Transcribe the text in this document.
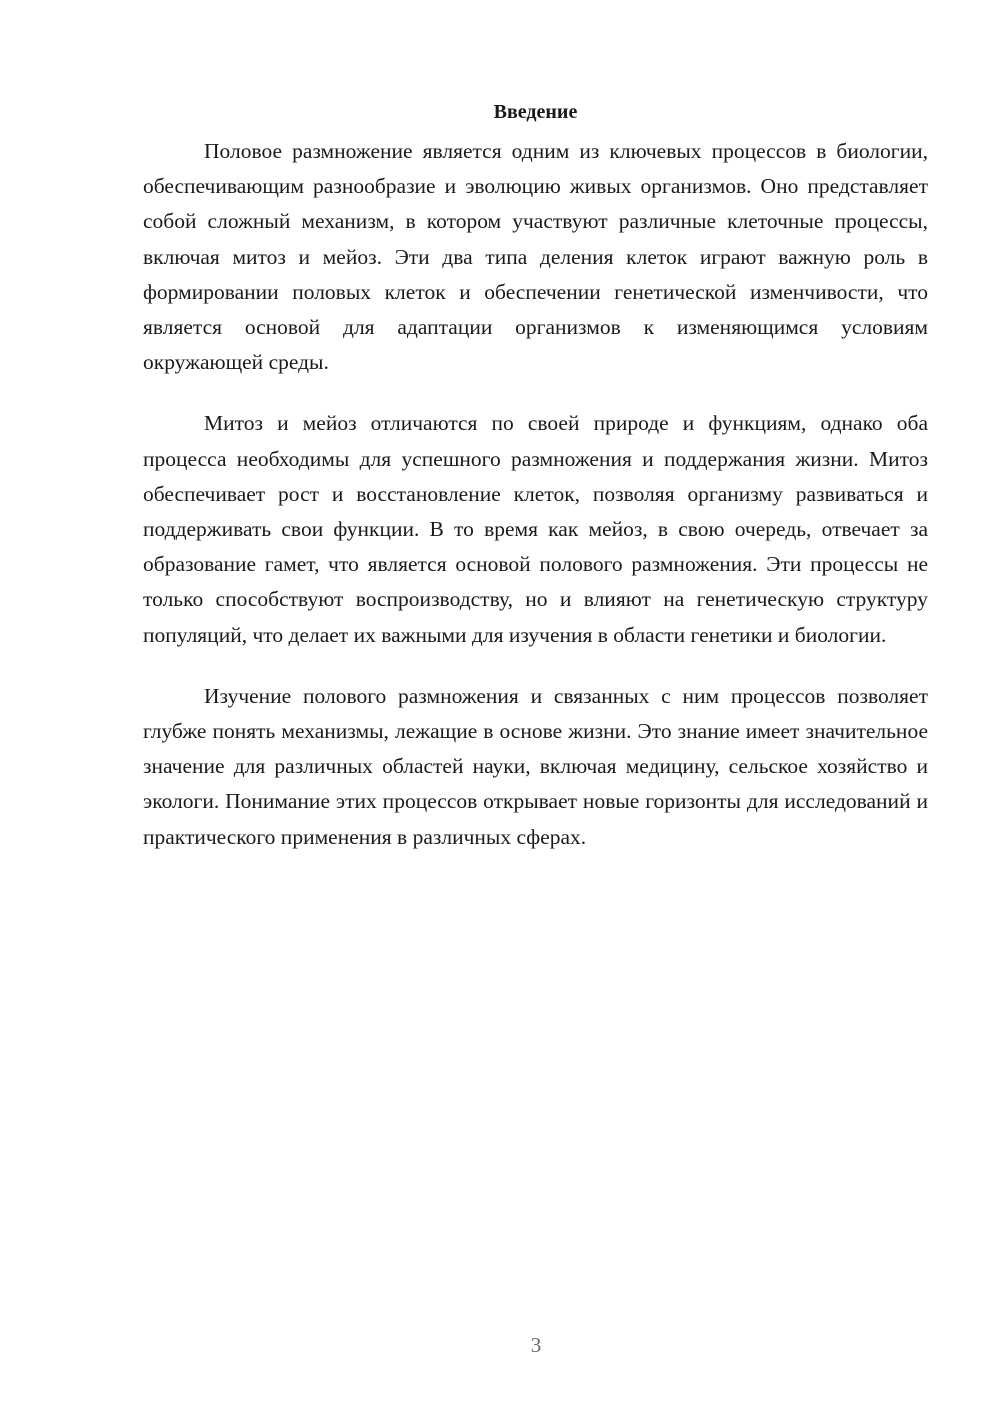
Введение

Половое размножение является одним из ключевых процессов в биологии, обеспечивающим разнообразие и эволюцию живых организмов. Оно представляет собой сложный механизм, в котором участвуют различные клеточные процессы, включая митоз и мейоз. Эти два типа деления клеток играют важную роль в формировании половых клеток и обеспечении генетической изменчивости, что является основой для адаптации организмов к изменяющимся условиям окружающей среды.

Митоз и мейоз отличаются по своей природе и функциям, однако оба процесса необходимы для успешного размножения и поддержания жизни. Митоз обеспечивает рост и восстановление клеток, позволяя организму развиваться и поддерживать свои функции. В то время как мейоз, в свою очередь, отвечает за образование гамет, что является основой полового размножения. Эти процессы не только способствуют воспроизводству, но и влияют на генетическую структуру популяций, что делает их важными для изучения в области генетики и биологии.

Изучение полового размножения и связанных с ним процессов позволяет глубже понять механизмы, лежащие в основе жизни. Это знание имеет значительное значение для различных областей науки, включая медицину, сельское хозяйство и экологи. Понимание этих процессов открывает новые горизонты для исследований и практического применения в различных сферах.

3
